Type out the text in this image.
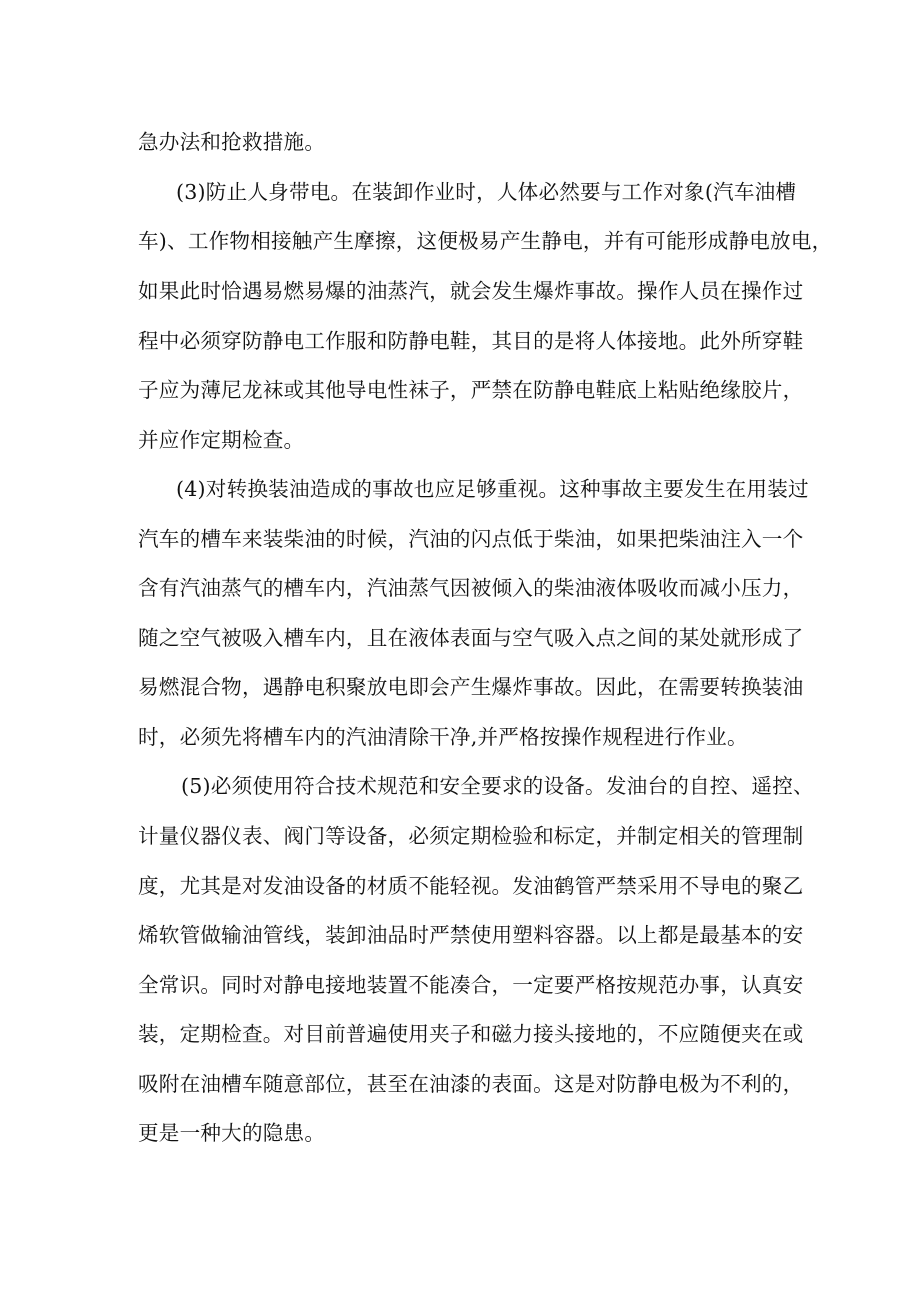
急办法和抢救措施。
(3)防止人身带电。在装卸作业时，人体必然要与工作对象(汽车油槽
车)、工作物相接触产生摩擦，这便极易产生静电，并有可能形成静电放电，
如果此时恰遇易燃易爆的油蒸汽，就会发生爆炸事故。操作人员在操作过
程中必须穿防静电工作服和防静电鞋，其目的是将人体接地。此外所穿鞋
子应为薄尼龙袜或其他导电性袜子，严禁在防静电鞋底上粘贴绝缘胶片，
并应作定期检查。
(4)对转换装油造成的事故也应足够重视。这种事故主要发生在用装过
汽车的槽车来装柴油的时候，汽油的闪点低于柴油，如果把柴油注入一个
含有汽油蒸气的槽车内，汽油蒸气因被倾入的柴油液体吸收而减小压力，
随之空气被吸入槽车内，且在液体表面与空气吸入点之间的某处就形成了
易燃混合物，遇静电积聚放电即会产生爆炸事故。因此，在需要转换装油
时，必须先将槽车内的汽油清除干净,并严格按操作规程进行作业。
(5)必须使用符合技术规范和安全要求的设备。发油台的自控、遥控、
计量仪器仪表、阀门等设备，必须定期检验和标定，并制定相关的管理制
度，尤其是对发油设备的材质不能轻视。发油鹤管严禁采用不导电的聚乙
烯软管做输油管线，装卸油品时严禁使用塑料容器。以上都是最基本的安
全常识。同时对静电接地装置不能凑合，一定要严格按规范办事，认真安
装，定期检查。对目前普遍使用夹子和磁力接头接地的，不应随便夹在或
吸附在油槽车随意部位，甚至在油漆的表面。这是对防静电极为不利的，
更是一种大的隐患。
